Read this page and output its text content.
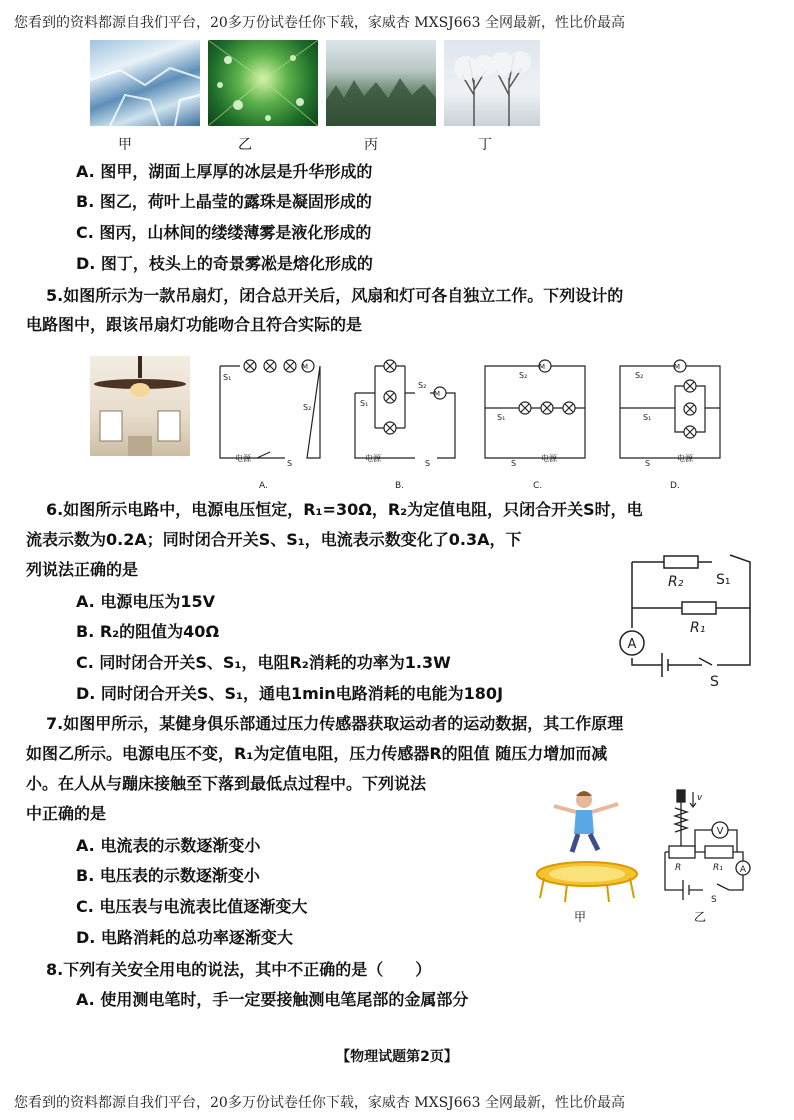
您看到的资料都源自我们平台，20多万份试卷任你下载，家威杏 MXSJ663 全网最新，性比价最高
甲	乙	丙	丁
A. 图甲，湖面上厚厚的冰层是升华形成的
B. 图乙，荷叶上晶莹的露珠是凝固形成的
C. 图丙，山林间的缕缕薄雾是液化形成的
D. 图丁，枝头上的奇景雾凇是熔化形成的
5.如图所示为一款吊扇灯，闭合总开关后，风扇和灯可各自独立工作。下列设计的
电路图中，跟该吊扇灯功能吻合且符合实际的是
M
S₁
S₂
电源
S
A.
M
S₁
S₂
电源
S
B.
M
S₂
S₁
电源
S
C.
M
S₂
S₁
电源
S
D.
6.如图所示电路中，电源电压恒定，R₁=30Ω，R₂为定值电阻，只闭合开关S时，电
流表示数为0.2A；同时闭合开关S、S₁，电流表示数变化了0.3A，下
列说法正确的是
A. 电源电压为15V
B. R₂的阻值为40Ω
C. 同时闭合开关S、S₁，电阻R₂消耗的功率为1.3W
D. 同时闭合开关S、S₁，通电1min电路消耗的电能为180J
A
R₂ S₁
R₁
S
7.如图甲所示，某健身俱乐部通过压力传感器获取运动者的运动数据，其工作原理
如图乙所示。电源电压不变，R₁为定值电阻，压力传感器R的阻值 随压力增加而减
小。在人从与蹦床接触至下落到最低点过程中。下列说法
中正确的是
A. 电流表的示数逐渐变小
B. 电压表的示数逐渐变小
C. 电压表与电流表比值逐渐变大
D. 电路消耗的总功率逐渐变大
甲
v
V
A
R	R₁
S
乙
8.下列有关安全用电的说法，其中不正确的是（　　）
A. 使用测电笔时，手一定要接触测电笔尾部的金属部分
【物理试题第2页】
您看到的资料都源自我们平台，20多万份试卷任你下载，家威杏 MXSJ663 全网最新，性比价最高
